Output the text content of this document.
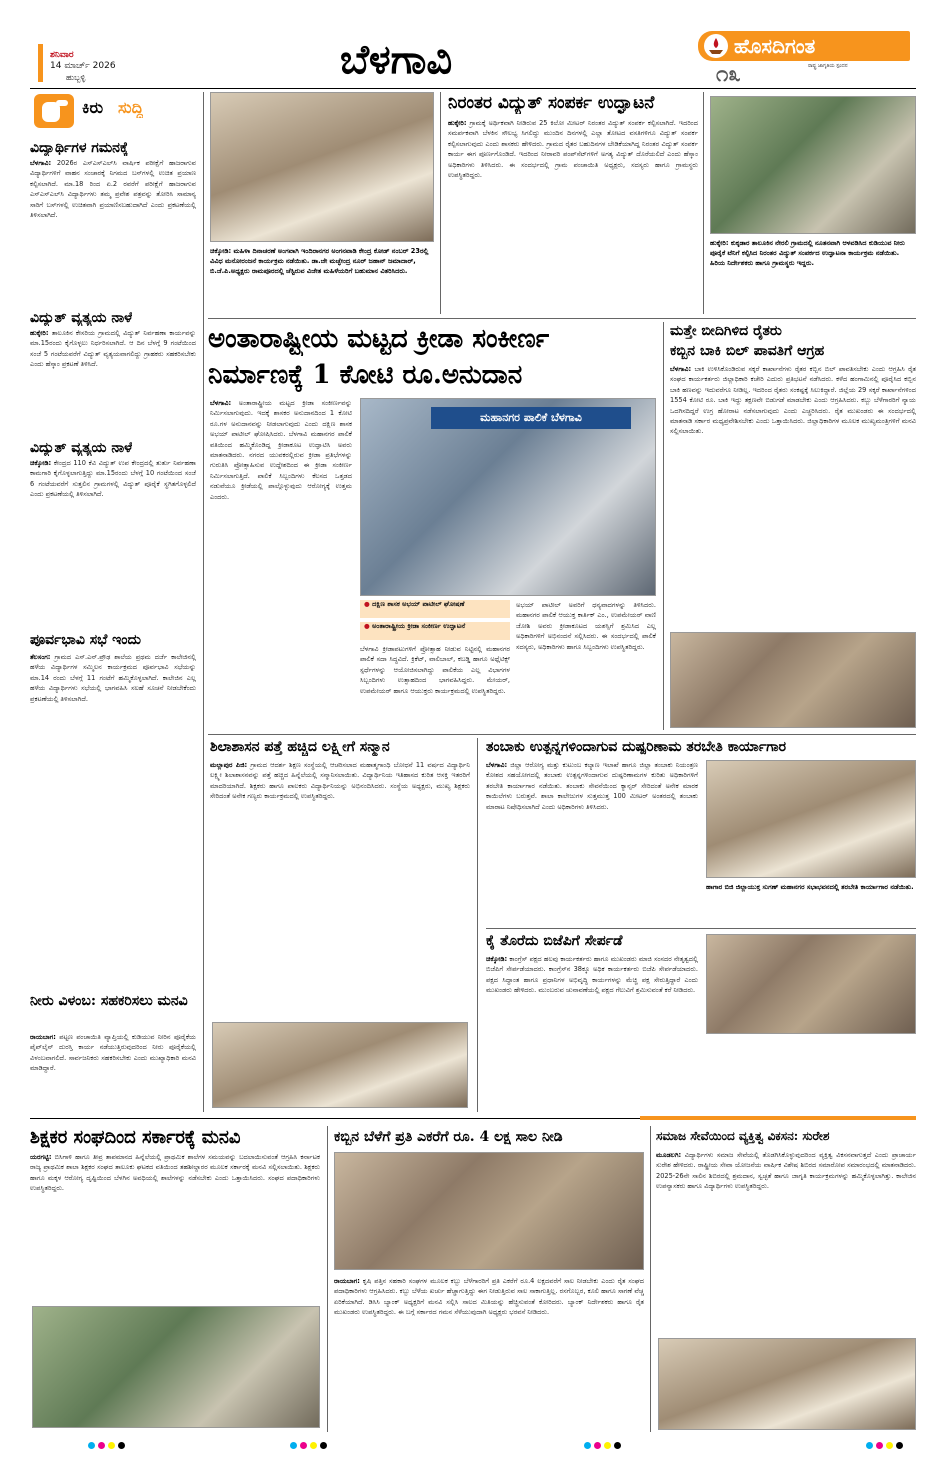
ಶನಿವಾರ
14 ಮಾರ್ಚ್ 2026
ಹುಬ್ಬಳ್ಳಿ	ಬೆಳಗಾವಿ	ಹೊಸದಿಗಂತ
ರಾಷ್ಟ್ರ ಜಾಗೃತಿಯ ಸ್ಪಂದನ
೧೩
ಕಿರು ಸುದ್ದಿ
ವಿದ್ಯಾರ್ಥಿಗಳ ಗಮನಕ್ಕೆ
ಬೆಳಗಾವಿ: 2026ರ ಎಸ್‌ಎಸ್‌ಎಲ್‌ಸಿ ವಾರ್ಷಿಕ ಪರೀಕ್ಷೆಗೆ ಹಾಜರಾಗುವ ವಿದ್ಯಾರ್ಥಿಗಳಿಗೆ ವಾಹನ ಸಂಚಾರಕ್ಕೆ ನಿಗಮದ ಬಸ್‌ಗಳಲ್ಲಿ ಉಚಿತ ಪ್ರಯಾಣ ಕಲ್ಪಿಸಲಾಗಿದೆ. ಮಾ.18 ರಿಂದ ಏ.2 ರವರೆಗೆ ಪರೀಕ್ಷೆಗೆ ಹಾಜರಾಗುವ ಎಸ್‌ಎಸ್‌ಎಲ್‌ಸಿ ವಿದ್ಯಾರ್ಥಿಗಳು ತಮ್ಮ ಪ್ರವೇಶ ಪತ್ರವನ್ನು ತೋರಿಸಿ ಸಾಮಾನ್ಯ ಸಾರಿಗೆ ಬಸ್‌ಗಳಲ್ಲಿ ಉಚಿತವಾಗಿ ಪ್ರಯಾಣಿಸಬಹುದಾಗಿದೆ ಎಂದು ಪ್ರಕಟಣೆಯಲ್ಲಿ ತಿಳಿಸಲಾಗಿದೆ.
ವಿದ್ಯುತ್ ವ್ಯತ್ಯಯ ನಾಳೆ
ಹುಕ್ಕೇರಿ: ತಾಲೂಕಿನ ಕೇಸರಿಯ ಗ್ರಾಮದಲ್ಲಿ ವಿದ್ಯುತ್ ನಿರ್ವಹಣಾ ಕಾರ್ಯವನ್ನು ಮಾ.15ರಂದು ಕೈಗೊಳ್ಳಲು ನಿರ್ಧರಿಸಲಾಗಿದೆ. ಆ ದಿನ ಬೆಳಗ್ಗೆ 9 ಗಂಟೆಯಿಂದ ಸಂಜೆ 5 ಗಂಟೆಯವರೆಗೆ ವಿದ್ಯುತ್ ವ್ಯತ್ಯಯವಾಗಲಿದ್ದು ಗ್ರಾಹಕರು ಸಹಕರಿಸಬೇಕು ಎಂದು ಹೆಸ್ಕಾಂ ಪ್ರಕಟಣೆ ತಿಳಿಸಿದೆ.
ವಿದ್ಯುತ್ ವ್ಯತ್ಯಯ ನಾಳೆ
ಚಿಕ್ಕೋಡಿ: ಕೇಂದ್ರದ 110 ಕೆವಿ ವಿದ್ಯುತ್ ಉಪ ಕೇಂದ್ರದಲ್ಲಿ ತುರ್ತು ನಿರ್ವಹಣಾ ಕಾಮಗಾರಿ ಕೈಗೊಳ್ಳಲಾಗುತ್ತಿದ್ದು ಮಾ.15ರಂದು ಬೆಳಗ್ಗೆ 10 ಗಂಟೆಯಿಂದ ಸಂಜೆ 6 ಗಂಟೆಯವರೆಗೆ ಸುತ್ತಲಿನ ಗ್ರಾಮಗಳಲ್ಲಿ ವಿದ್ಯುತ್ ಪೂರೈಕೆ ಸ್ಥಗಿತಗೊಳ್ಳಲಿದೆ ಎಂದು ಪ್ರಕಟಣೆಯಲ್ಲಿ ತಿಳಿಸಲಾಗಿದೆ.
ಪೂರ್ವಭಾವಿ ಸಭೆ ಇಂದು
ತೆಲಸಂಗ: ಗ್ರಾಮದ ಎಸ್.ಎನ್.ಪ್ರೌಢ ಶಾಲೆಯ ಪ್ರಥಮ ದರ್ಜೆ ಕಾಲೇಜಿನಲ್ಲಿ ಹಳೆಯ ವಿದ್ಯಾರ್ಥಿಗಳ ಸಮ್ಮಿಲನ ಕಾರ್ಯಕ್ರಮದ ಪೂರ್ವಭಾವಿ ಸಭೆಯನ್ನು ಮಾ.14 ರಂದು ಬೆಳಗ್ಗೆ 11 ಗಂಟೆಗೆ ಹಮ್ಮಿಕೊಳ್ಳಲಾಗಿದೆ. ಕಾಲೇಜಿನ ಎಲ್ಲ ಹಳೆಯ ವಿದ್ಯಾರ್ಥಿಗಳು ಸಭೆಯಲ್ಲಿ ಭಾಗವಹಿಸಿ ಸಲಹೆ ಸೂಚನೆ ನೀಡಬೇಕೆಂದು ಪ್ರಕಟಣೆಯಲ್ಲಿ ತಿಳಿಸಲಾಗಿದೆ.
ನೀರು ವಿಳಂಬ: ಸಹಕರಿಸಲು ಮನವಿ
ರಾಯಬಾಗ: ಪಟ್ಟಣ ಪಂಚಾಯಿತಿ ವ್ಯಾಪ್ತಿಯಲ್ಲಿ ಕುಡಿಯುವ ನೀರಿನ ಪೂರೈಕೆಯ ಪೈಪ್‌ಲೈನ್ ದುರಸ್ತಿ ಕಾರ್ಯ ನಡೆಯುತ್ತಿರುವುದರಿಂದ ನೀರು ಪೂರೈಕೆಯಲ್ಲಿ ವಿಳಂಬವಾಗಲಿದೆ. ಸಾರ್ವಜನಿಕರು ಸಹಕರಿಸಬೇಕು ಎಂದು ಮುಖ್ಯಾಧಿಕಾರಿ ಮನವಿ ಮಾಡಿದ್ದಾರೆ.
ಚಿಕ್ಕೋಡಿ: ಮಹಿಳಾ ದಿನಾಚರಣೆ ಅಂಗವಾಗಿ ಇಂದಿರಾನಗರ ಅಂಗನವಾಡಿ ಕೇಂದ್ರ ಕೋಡ್ ನಂಬರ್ 23ರಲ್ಲಿ ವಿವಿಧ ಮನೋರಂಜನೆ ಕಾರ್ಯಕ್ರಮ ನಡೆಯಿತು. ಡಾ.ಜೇ ಮಚ್ಛೇಂದ್ರ ನೂರ್ ಜಹಾನ್ ಜಮಾದಾರ್, ಬಿ.ಜೆ.ಪಿ.ಅಧ್ಯಕ್ಷರು ರಾಮಪೂರದಲ್ಲಿ ಚೆಸ್ಟಿರುವ ವಿಜೇತ ಮಹಿಳೆಯರಿಗೆ ಬಹುಮಾನ ವಿತರಿಸಿದರು.
ನಿರಂತರ ವಿದ್ಯುತ್ ಸಂಪರ್ಕ ಉದ್ಘಾಟನೆ
ಹುಕ್ಕೇರಿ: ಗ್ರಾಮಕ್ಕೆ ಅರ್ಥಿಕವಾಗಿ ನೀಡಿರುವ 25 ಕಿಲೋ ಮೀಟರ್ ನಿರಂತರ ವಿದ್ಯುತ್ ಸಂಪರ್ಕ ಕಲ್ಪಿಸಲಾಗಿದೆ. ಇದರಿಂದ ಸಮರ್ಪಕವಾಗಿ ಬೆಳಕಿನ ಸೌಲಭ್ಯ ಸಿಗಲಿದ್ದು ಮುಂದಿನ ದಿನಗಳಲ್ಲಿ ಎಲ್ಲಾ ತೋಟದ ವಸತಿಗಳಿಗೂ ವಿದ್ಯುತ್ ಸಂಪರ್ಕ ಕಲ್ಪಿಸಲಾಗುವುದು ಎಂದು ಶಾಸಕರು ಹೇಳಿದರು. ಗ್ರಾಮದ ರೈತರ ಬಹುದಿನಗಳ ಬೇಡಿಕೆಯಾಗಿದ್ದ ನಿರಂತರ ವಿದ್ಯುತ್ ಸಂಪರ್ಕ ಕಾರ್ಯ ಈಗ ಪೂರ್ಣಗೊಂಡಿದೆ. ಇದರಿಂದ ನೀರಾವರಿ ಪಂಪ್‌ಸೆಟ್‌ಗಳಿಗೆ ಅಗತ್ಯ ವಿದ್ಯುತ್ ದೊರೆಯಲಿದೆ ಎಂದು ಹೆಸ್ಕಾಂ ಅಧಿಕಾರಿಗಳು ತಿಳಿಸಿದರು. ಈ ಸಂದರ್ಭದಲ್ಲಿ ಗ್ರಾಮ ಪಂಚಾಯಿತಿ ಅಧ್ಯಕ್ಷರು, ಸದಸ್ಯರು ಹಾಗೂ ಗ್ರಾಮಸ್ಥರು ಉಪಸ್ಥಿತರಿದ್ದರು.
ಹುಕ್ಕೇರಿ: ಕುಕ್ಕಡಾರ ತಾಲೂಕಿನ ನೇರಲಿ ಗ್ರಾಮದಲ್ಲಿ ನೂತನವಾಗಿ ಆಳವಡಿಸಿದ ಕುಡಿಯುವ ನೀರು ಪೂರೈಕೆ ಟೆನಿಗೆ ಕಲ್ಪಿಸಿದ ನಿರಂತರ ವಿದ್ಯುತ್ ಸಂಪರ್ಕದ ಉದ್ಘಾಟನಾ ಕಾರ್ಯಕ್ರಮ ನಡೆಯಿತು. ಹಿರಿಯ ನಿರ್ದೇಶಕರು ಹಾಗೂ ಗ್ರಾಮಸ್ಥರು ಇದ್ದರು.
ಅಂತಾರಾಷ್ಟ್ರೀಯ ಮಟ್ಟದ ಕ್ರೀಡಾ ಸಂಕೀರ್ಣ
ನಿರ್ಮಾಣಕ್ಕೆ 1 ಕೋಟಿ ರೂ.ಅನುದಾನ
ಬೆಳಗಾವಿ: ಅಂತಾರಾಷ್ಟ್ರೀಯ ಮಟ್ಟದ ಕ್ರೀಡಾ ಸಂಕೀರ್ಣವನ್ನು ನಿರ್ಮಿಸಲಾಗುವುದು. ಇದಕ್ಕೆ ಶಾಸಕರ ಅನುದಾನದಿಂದ 1 ಕೋಟಿ ರೂ.ಗಳ ಅನುದಾನವನ್ನು ನೀಡಲಾಗುವುದು ಎಂದು ದಕ್ಷಿಣ ಶಾಸಕ ಅಭಯ್ ಪಾಟೀಲ್ ಘೋಷಿಸಿದರು. ಬೆಳಗಾವಿ ಮಹಾನಗರ ಪಾಲಿಕೆ ವತಿಯಿಂದ ಹಮ್ಮಿಕೊಂಡಿದ್ದ ಕ್ರೀಡಾಕೂಟ ಉದ್ಘಾಟಿಸಿ ಅವರು ಮಾತನಾಡಿದರು. ನಗರದ ಯುವಕರಲ್ಲಿರುವ ಕ್ರೀಡಾ ಪ್ರತಿಭೆಗಳನ್ನು ಗುರುತಿಸಿ ಪ್ರೋತ್ಸಾಹಿಸುವ ಉದ್ದೇಶದಿಂದ ಈ ಕ್ರೀಡಾ ಸಂಕೀರ್ಣ ನಿರ್ಮಿಸಲಾಗುತ್ತಿದೆ. ಪಾಲಿಕೆ ಸಿಬ್ಬಂದಿಗಳು ಕೆಲಸದ ಒತ್ತಡದ ನಡುವೆಯೂ ಕ್ರೀಡೆಯಲ್ಲಿ ಪಾಲ್ಗೊಳ್ಳುವುದು ಆರೋಗ್ಯಕ್ಕೆ ಉತ್ತಮ ಎಂದರು.
ಮಹಾನಗರ ಪಾಲಿಕೆ ಬೆಳಗಾವಿ
● ದಕ್ಷಿಣ ಶಾಸಕ ಅಭಯ್ ಪಾಟೀಲ್ ಘೋಷಣೆ
● ಅಂತಾರಾಷ್ಟ್ರೀಯ ಕ್ರೀಡಾ ಸಂಕೀರ್ಣ ಉದ್ಘಾಟನೆ
ಬೆಳಗಾವಿ ಕ್ರೀಡಾಪಟುಗಳಿಗೆ ಪ್ರೋತ್ಸಾಹ ನೀಡುವ ನಿಟ್ಟಿನಲ್ಲಿ ಮಹಾನಗರ ಪಾಲಿಕೆ ಸದಾ ಸಿದ್ಧವಿದೆ. ಕ್ರಿಕೆಟ್, ವಾಲಿಬಾಲ್, ಕಬಡ್ಡಿ ಹಾಗೂ ಅಥ್ಲೆಟಿಕ್ಸ್ ಸ್ಪರ್ಧೆಗಳನ್ನು ಆಯೋಜಿಸಲಾಗಿದ್ದು ಪಾಲಿಕೆಯ ಎಲ್ಲ ವಿಭಾಗಗಳ ಸಿಬ್ಬಂದಿಗಳು ಉತ್ಸಾಹದಿಂದ ಭಾಗವಹಿಸಿದ್ದರು. ಮೇಯರ್, ಉಪಮೇಯರ್ ಹಾಗೂ ಆಯುಕ್ತರು ಕಾರ್ಯಕ್ರಮದಲ್ಲಿ ಉಪಸ್ಥಿತರಿದ್ದರು.
ಅಭಯ್ ಪಾಟೀಲ್ ಅವರಿಗೆ ಧನ್ಯವಾದಗಳನ್ನು ತಿಳಿಸಿದರು. ಮಹಾನಗರ ಪಾಲಿಕೆ ಆಯುಕ್ತ ಕಾರ್ತಿಕ್ ಎಂ., ಉಪಮೇಯರ್ ವಾಣಿ ಜೋಶಿ ಅವರು ಕ್ರೀಡಾಕೂಟದ ಯಶಸ್ಸಿಗೆ ಶ್ರಮಿಸಿದ ಎಲ್ಲ ಅಧಿಕಾರಿಗಳಿಗೆ ಅಭಿನಂದನೆ ಸಲ್ಲಿಸಿದರು. ಈ ಸಂದರ್ಭದಲ್ಲಿ ಪಾಲಿಕೆ ಸದಸ್ಯರು, ಅಧಿಕಾರಿಗಳು ಹಾಗೂ ಸಿಬ್ಬಂದಿಗಳು ಉಪಸ್ಥಿತರಿದ್ದರು.
ಮತ್ತೇ ಬೀದಿಗಿಳಿದ ರೈತರು
ಕಬ್ಬಿನ ಬಾಕಿ ಬಿಲ್ ಪಾವತಿಗೆ ಆಗ್ರಹ
ಬೆಳಗಾವಿ: ಬಾಕಿ ಉಳಿಸಿಕೊಂಡಿರುವ ಸಕ್ಕರೆ ಕಾರ್ಖಾನೆಗಳು ರೈತರ ಕಬ್ಬಿನ ಬಿಲ್ ಪಾವತಿಸಬೇಕು ಎಂದು ಆಗ್ರಹಿಸಿ ರೈತ ಸಂಘದ ಕಾರ್ಯಕರ್ತರು ಜಿಲ್ಲಾಧಿಕಾರಿ ಕಚೇರಿ ಎದುರು ಪ್ರತಿಭಟನೆ ನಡೆಸಿದರು. ಕಳೆದ ಹಂಗಾಮಿನಲ್ಲಿ ಪೂರೈಸಿದ ಕಬ್ಬಿನ ಬಾಕಿ ಹಣವನ್ನು ಇದುವರೆಗೂ ನೀಡಿಲ್ಲ. ಇದರಿಂದ ರೈತರು ಸಂಕಷ್ಟಕ್ಕೆ ಸಿಲುಕಿದ್ದಾರೆ. ಜಿಲ್ಲೆಯ 29 ಸಕ್ಕರೆ ಕಾರ್ಖಾನೆಗಳಿಂದ 1554 ಕೋಟಿ ರೂ. ಬಾಕಿ ಇದ್ದು ತಕ್ಷಣವೇ ಬಿಡುಗಡೆ ಮಾಡಬೇಕು ಎಂದು ಆಗ್ರಹಿಸಿದರು. ಕಬ್ಬು ಬೆಳೆಗಾರರಿಗೆ ನ್ಯಾಯ ಒದಗಿಸದಿದ್ದರೆ ಉಗ್ರ ಹೋರಾಟ ನಡೆಸಲಾಗುವುದು ಎಂದು ಎಚ್ಚರಿಸಿದರು. ರೈತ ಮುಖಂಡರು ಈ ಸಂದರ್ಭದಲ್ಲಿ ಮಾತನಾಡಿ ಸರ್ಕಾರ ಮಧ್ಯಪ್ರವೇಶಿಸಬೇಕು ಎಂದು ಒತ್ತಾಯಿಸಿದರು. ಜಿಲ್ಲಾಧಿಕಾರಿಗಳ ಮೂಲಕ ಮುಖ್ಯಮಂತ್ರಿಗಳಿಗೆ ಮನವಿ ಸಲ್ಲಿಸಲಾಯಿತು.
ಶಿಲಾಶಾಸನ ಪತ್ತೆ ಹಚ್ಚಿದ ಲಕ್ಷ್ಮೀಗೆ ಸನ್ಮಾನ
ಮಲ್ಲಾಪುರ ಪಿಜಿ: ಗ್ರಾಮದ ಆದರ್ಶ ಶಿಕ್ಷಣ ಸಂಸ್ಥೆಯಲ್ಲಿ ಆಚರಿಸಲಾದ ಮಹಾತ್ಮಗಾಂಧಿ ಬೋಧನೆ 11 ವರ್ಷದ ವಿದ್ಯಾರ್ಥಿನಿ ಲಕ್ಷ್ಮೀ ಶಿಲಾಶಾಸನವನ್ನು ಪತ್ತೆ ಹಚ್ಚಿದ ಹಿನ್ನೆಲೆಯಲ್ಲಿ ಸನ್ಮಾನಿಸಲಾಯಿತು. ವಿದ್ಯಾರ್ಥಿನಿಯ ಇತಿಹಾಸದ ಕುರಿತ ಆಸಕ್ತಿ ಇತರರಿಗೆ ಮಾದರಿಯಾಗಿದೆ. ಶಿಕ್ಷಕರು ಹಾಗೂ ಪಾಲಕರು ವಿದ್ಯಾರ್ಥಿನಿಯನ್ನು ಅಭಿನಂದಿಸಿದರು. ಸಂಸ್ಥೆಯ ಅಧ್ಯಕ್ಷರು, ಮುಖ್ಯ ಶಿಕ್ಷಕರು ಸೇರಿದಂತೆ ಅನೇಕ ಗಣ್ಯರು ಕಾರ್ಯಕ್ರಮದಲ್ಲಿ ಉಪಸ್ಥಿತರಿದ್ದರು.
ತಂಬಾಕು ಉತ್ಪನ್ನಗಳಿಂದಾಗುವ ದುಷ್ಪರಿಣಾಮ ತರಬೇತಿ ಕಾರ್ಯಾಗಾರ
ಬೆಳಗಾವಿ: ಜಿಲ್ಲಾ ಆರೋಗ್ಯ ಮತ್ತು ಕುಟುಂಬ ಕಲ್ಯಾಣ ಇಲಾಖೆ ಹಾಗೂ ಜಿಲ್ಲಾ ತಂಬಾಕು ನಿಯಂತ್ರಣ ಕೋಶದ ಸಹಯೋಗದಲ್ಲಿ ತಂಬಾಕು ಉತ್ಪನ್ನಗಳಿಂದಾಗುವ ದುಷ್ಪರಿಣಾಮಗಳ ಕುರಿತು ಅಧಿಕಾರಿಗಳಿಗೆ ತರಬೇತಿ ಕಾರ್ಯಾಗಾರ ನಡೆಯಿತು. ತಂಬಾಕು ಸೇವನೆಯಿಂದ ಕ್ಯಾನ್ಸರ್ ಸೇರಿದಂತೆ ಅನೇಕ ಮಾರಕ ಕಾಯಿಲೆಗಳು ಬರುತ್ತವೆ. ಶಾಲಾ ಕಾಲೇಜುಗಳ ಸುತ್ತಮುತ್ತ 100 ಮೀಟರ್ ಅಂತರದಲ್ಲಿ ತಂಬಾಕು ಮಾರಾಟ ನಿಷೇಧಿಸಲಾಗಿದೆ ಎಂದು ಅಧಿಕಾರಿಗಳು ತಿಳಿಸಿದರು.
ಹಾಗಾರ ಬಿಜಿ ಜಿಲ್ಲಾಯುಕ್ತ ಸುಗಣ್ ಮಹಾನಗರ ಸಭಾಭವನದಲ್ಲಿ ತರಬೇತಿ ಕಾರ್ಯಾಗಾರ ನಡೆಯಿತು.
ಕೈ ತೊರೆದು ಬಿಜೆಪಿಗೆ ಸೇರ್ಪಡೆ
ಚಿಕ್ಕೋಡಿ: ಕಾಂಗ್ರೆಸ್ ಪಕ್ಷದ ಹಲವು ಕಾರ್ಯಕರ್ತರು ಹಾಗೂ ಮುಖಂಡರು ಮಾಜಿ ಸಂಸದರ ನೇತೃತ್ವದಲ್ಲಿ ಬಿಜೆಪಿಗೆ ಸೇರ್ಪಡೆಯಾದರು. ಕಾಂಗ್ರೆಸ್‌ನ 38ಕ್ಕೂ ಅಧಿಕ ಕಾರ್ಯಕರ್ತರು ಬಿಜೆಪಿ ಸೇರ್ಪಡೆಯಾದರು. ಪಕ್ಷದ ಸಿದ್ಧಾಂತ ಹಾಗೂ ಪ್ರಧಾನಿಗಳ ಅಭಿವೃದ್ಧಿ ಕಾರ್ಯಗಳನ್ನು ಮೆಚ್ಚಿ ಪಕ್ಷ ಸೇರುತ್ತಿದ್ದಾರೆ ಎಂದು ಮುಖಂಡರು ಹೇಳಿದರು. ಮುಂಬರುವ ಚುನಾವಣೆಯಲ್ಲಿ ಪಕ್ಷದ ಗೆಲುವಿಗೆ ಶ್ರಮಿಸುವಂತೆ ಕರೆ ನೀಡಿದರು.
ಶಿಕ್ಷಕರ ಸಂಘದಿಂದ ಸರ್ಕಾರಕ್ಕೆ ಮನವಿ
ಯರಗಟ್ಟಿ: ಬಿಸಿಗಾಳಿ ಹಾಗೂ ತೀವ್ರ ತಾಪಮಾನದ ಹಿನ್ನೆಲೆಯಲ್ಲಿ ಪ್ರಾಥಮಿಕ ಶಾಲೆಗಳ ಸಮಯವನ್ನು ಬದಲಾಯಿಸುವಂತೆ ಆಗ್ರಹಿಸಿ ಕರ್ನಾಟಕ ರಾಜ್ಯ ಪ್ರಾಥಮಿಕ ಶಾಲಾ ಶಿಕ್ಷಕರ ಸಂಘದ ತಾಲೂಕು ಘಟಕದ ವತಿಯಿಂದ ತಹಶೀಲ್ದಾರರ ಮೂಲಕ ಸರ್ಕಾರಕ್ಕೆ ಮನವಿ ಸಲ್ಲಿಸಲಾಯಿತು. ಶಿಕ್ಷಕರು ಹಾಗೂ ಮಕ್ಕಳ ಆರೋಗ್ಯ ದೃಷ್ಟಿಯಿಂದ ಬೆಳಗಿನ ಅವಧಿಯಲ್ಲಿ ಶಾಲೆಗಳನ್ನು ನಡೆಸಬೇಕು ಎಂದು ಒತ್ತಾಯಿಸಿದರು. ಸಂಘದ ಪದಾಧಿಕಾರಿಗಳು ಉಪಸ್ಥಿತರಿದ್ದರು.
ಕಬ್ಬಿನ ಬೆಳೆಗೆ ಪ್ರತಿ ಎಕರೆಗೆ ರೂ. 4 ಲಕ್ಷ ಸಾಲ ನೀಡಿ
ರಾಯಬಾಗ: ಕೃಷಿ ಪತ್ತಿನ ಸಹಕಾರಿ ಸಂಘಗಳ ಮೂಲಕ ಕಬ್ಬು ಬೆಳೆಗಾರರಿಗೆ ಪ್ರತಿ ಎಕರೆಗೆ ರೂ.4 ಲಕ್ಷದವರೆಗೆ ಸಾಲ ನೀಡಬೇಕು ಎಂದು ರೈತ ಸಂಘದ ಪದಾಧಿಕಾರಿಗಳು ಆಗ್ರಹಿಸಿದರು. ಕಬ್ಬು ಬೆಳೆಯ ಖರ್ಚು ಹೆಚ್ಚಾಗುತ್ತಿದ್ದು ಈಗ ನೀಡುತ್ತಿರುವ ಸಾಲ ಸಾಕಾಗುತ್ತಿಲ್ಲ. ರಸಗೊಬ್ಬರ, ಕೂಲಿ ಹಾಗೂ ಸಾಗಣೆ ವೆಚ್ಚ ಏರಿಕೆಯಾಗಿದೆ. ಡಿಸಿಸಿ ಬ್ಯಾಂಕ್ ಅಧ್ಯಕ್ಷರಿಗೆ ಮನವಿ ಸಲ್ಲಿಸಿ ಸಾಲದ ಮಿತಿಯನ್ನು ಹೆಚ್ಚಿಸುವಂತೆ ಕೋರಿದರು. ಬ್ಯಾಂಕ್ ನಿರ್ದೇಶಕರು ಹಾಗೂ ರೈತ ಮುಖಂಡರು ಉಪಸ್ಥಿತರಿದ್ದರು. ಈ ಬಗ್ಗೆ ಸರ್ಕಾರದ ಗಮನ ಸೆಳೆಯುವುದಾಗಿ ಅಧ್ಯಕ್ಷರು ಭರವಸೆ ನೀಡಿದರು.
ಸಮಾಜ ಸೇವೆಯಿಂದ ವ್ಯಕ್ತಿತ್ವ ವಿಕಸನ: ಸುರೇಶ
ಮೂಡಲಗಿ: ವಿದ್ಯಾರ್ಥಿಗಳು ಸಮಾಜ ಸೇವೆಯಲ್ಲಿ ತೊಡಗಿಸಿಕೊಳ್ಳುವುದರಿಂದ ವ್ಯಕ್ತಿತ್ವ ವಿಕಸನವಾಗುತ್ತದೆ ಎಂದು ಪ್ರಾಚಾರ್ಯ ಸುರೇಶ ಹೇಳಿದರು. ರಾಷ್ಟ್ರೀಯ ಸೇವಾ ಯೋಜನೆಯ ವಾರ್ಷಿಕ ವಿಶೇಷ ಶಿಬಿರದ ಸಮಾರೋಪ ಸಮಾರಂಭದಲ್ಲಿ ಮಾತನಾಡಿದರು. 2025-26ನೇ ಸಾಲಿನ ಶಿಬಿರದಲ್ಲಿ ಶ್ರಮದಾನ, ಸ್ವಚ್ಛತೆ ಹಾಗೂ ಜಾಗೃತಿ ಕಾರ್ಯಕ್ರಮಗಳನ್ನು ಹಮ್ಮಿಕೊಳ್ಳಲಾಗಿತ್ತು. ಕಾಲೇಜಿನ ಉಪನ್ಯಾಸಕರು ಹಾಗೂ ವಿದ್ಯಾರ್ಥಿಗಳು ಉಪಸ್ಥಿತರಿದ್ದರು.
